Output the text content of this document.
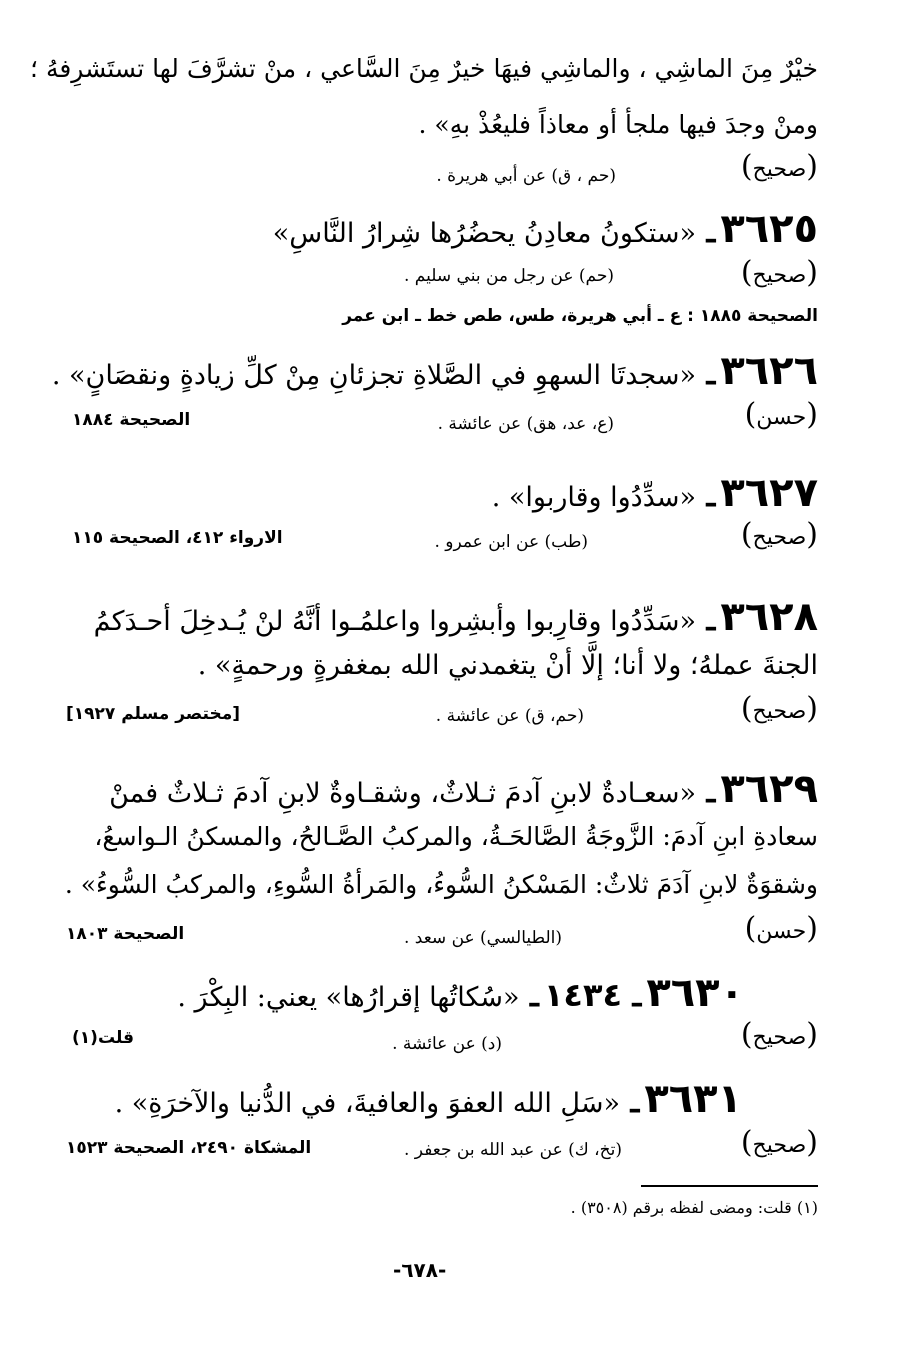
خيْرٌ مِنَ الماشِي ، والماشِي فيهَا خيرٌ مِنَ السَّاعي ، منْ تشرَّفَ لها تستَشرِفهُ ؛
ومنْ وجدَ فيها ملجأ أو معاذاً فليعُذْ بهِ» .
(صحيح)
(حم ، ق) عن أبي هريرة .
٣٦٢٥ ـ «ستكونُ معادِنُ يحضُرُها شِرارُ النَّاسِ»
(صحيح)
(حم) عن رجل من بني سليم .
الصحيحة ١٨٨٥ : ع ـ أبي هريرة، طس، طص خط ـ ابن عمر
٣٦٢٦ ـ «سجدتَا السهوِ في الصَّلاةِ تجزئانِ مِنْ كلِّ زيادةٍ ونقصَانٍ» .
(حسن)
(ع، عد، هق) عن عائشة .
الصحيحة ١٨٨٤
٣٦٢٧ ـ «سدِّدُوا وقاربوا» .
(صحيح)
(طب) عن ابن عمرو .
الارواء ٤١٢، الصحيحة ١١٥
٣٦٢٨ ـ «سَدِّدُوا وقارِبوا وأبشِروا واعلمُـوا أنَّهُ لنْ يُـدخِلَ أحـدَكمُ
الجنةَ عملهُ؛ ولا أنا؛ إلَّا أنْ يتغمدني الله بمغفرةٍ ورحمةٍ» .
(صحيح)
(حم، ق) عن عائشة .
[مختصر مسلم ١٩٢٧]
٣٦٢٩ ـ «سعـادةٌ لابنِ آدمَ ثـلاثٌ، وشقـاوةٌ لابنِ آدمَ ثـلاثٌ فمنْ
سعادةِ ابنِ آدمَ: الزَّوجَةُ الصَّالحَـةُ، والمركبُ الصَّـالحُ، والمسكنُ الـواسعُ،
وشقوَةٌ لابنِ آدَمَ ثلاثٌ: المَسْكنُ السُّوءُ، والمَرأةُ السُّوءِ، والمركبُ السُّوءُ» .
(حسن)
(الطيالسي) عن سعد .
الصحيحة ١٨٠٣
٣٦٣٠ ـ ١٤٣٤ ـ «سُكاتُها إقرارُها» يعني: البِكْرَ .
(صحيح)
(د) عن عائشة .
قلت(١)
٣٦٣١ ـ «سَلِ الله العفوَ والعافيةَ، في الدُّنيا والآخرَةِ» .
(صحيح)
(تخ، ك) عن عبد الله بن جعفر .
المشكاة ٢٤٩٠، الصحيحة ١٥٢٣
(١) قلت: ومضى لفظه برقم (٣٥٠٨) .
-٦٧٨-
